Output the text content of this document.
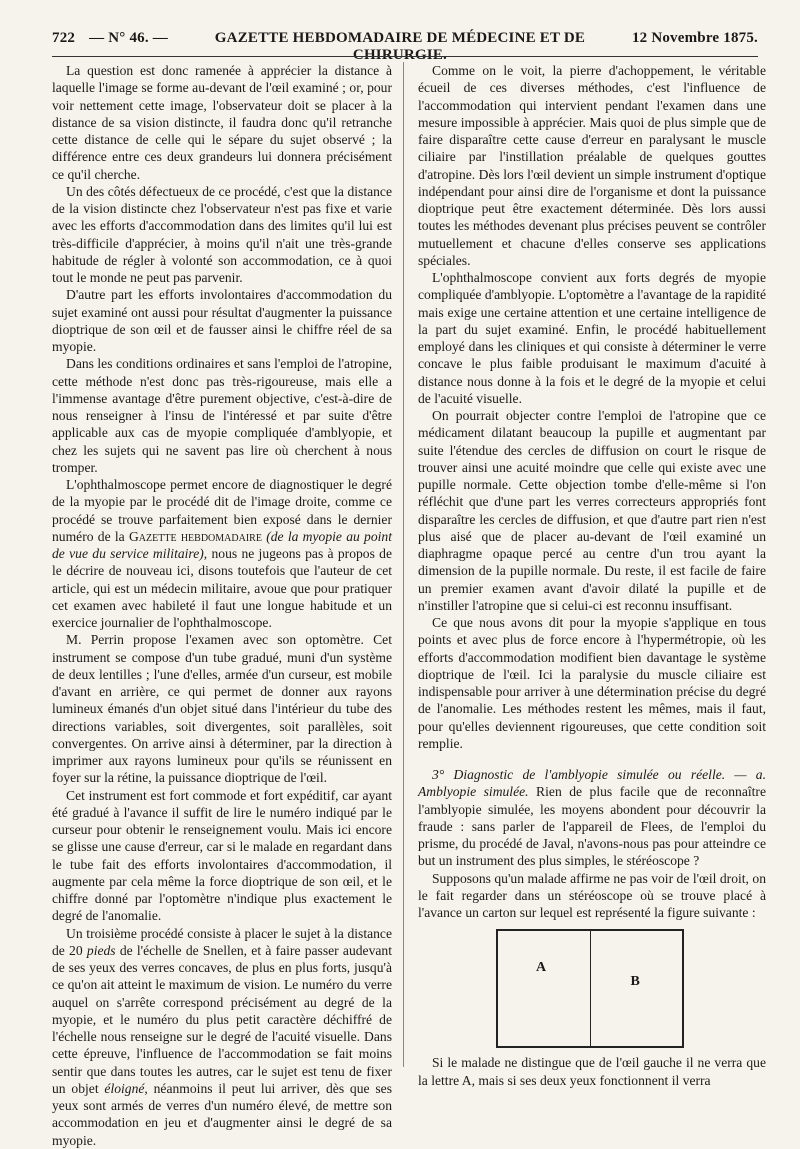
722 — N° 46. —	GAZETTE HEBDOMADAIRE DE MÉDECINE ET DE CHIRURGIE.
12 Novembre 1875.

La question est donc ramenée à apprécier la distance à laquelle l'image se forme au-devant de l'œil examiné ; or, pour voir nettement cette image, l'observateur doit se placer à la distance de sa vision distincte, il faudra donc qu'il retranche cette distance de celle qui le sépare du sujet observé ; la différence entre ces deux grandeurs lui donnera précisément ce qu'il cherche.

Un des côtés défectueux de ce procédé, c'est que la distance de la vision distincte chez l'observateur n'est pas fixe et varie avec les efforts d'accommodation dans des limites qu'il lui est très-difficile d'apprécier, à moins qu'il n'ait une très-grande habitude de régler à volonté son accommodation, ce à quoi tout le monde ne peut pas parvenir.

D'autre part les efforts involontaires d'accommodation du sujet examiné ont aussi pour résultat d'augmenter la puissance dioptrique de son œil et de fausser ainsi le chiffre réel de sa myopie.

Dans les conditions ordinaires et sans l'emploi de l'atropine, cette méthode n'est donc pas très-rigoureuse, mais elle a l'immense avantage d'être purement objective, c'est-à-dire de nous renseigner à l'insu de l'intéressé et par suite d'être applicable aux cas de myopie compliquée d'amblyopie, et chez les sujets qui ne savent pas lire où cherchent à nous tromper.

L'ophthalmoscope permet encore de diagnostiquer le degré de la myopie par le procédé dit de l'image droite, comme ce procédé se trouve parfaitement bien exposé dans le dernier numéro de la Gazette hebdomadaire (de la myopie au point de vue du service militaire), nous ne jugeons pas à propos de le décrire de nouveau ici, disons toutefois que l'auteur de cet article, qui est un médecin militaire, avoue que pour pratiquer cet examen avec habileté il faut une longue habitude et un exercice journalier de l'ophthalmoscope.

M. Perrin propose l'examen avec son optomètre. Cet instrument se compose d'un tube gradué, muni d'un système de deux lentilles ; l'une d'elles, armée d'un curseur, est mobile d'avant en arrière, ce qui permet de donner aux rayons lumineux émanés d'un objet situé dans l'intérieur du tube des directions variables, soit divergentes, soit parallèles, soit convergentes. On arrive ainsi à déterminer, par la direction à imprimer aux rayons lumineux pour qu'ils se réunissent en foyer sur la rétine, la puissance dioptrique de l'œil.

Cet instrument est fort commode et fort expéditif, car ayant été gradué à l'avance il suffit de lire le numéro indiqué par le curseur pour obtenir le renseignement voulu. Mais ici encore se glisse une cause d'erreur, car si le malade en regardant dans le tube fait des efforts involontaires d'accommodation, il augmente par cela même la force dioptrique de son œil, et le chiffre donné par l'optomètre n'indique plus exactement le degré de l'anomalie.

Un troisième procédé consiste à placer le sujet à la distance de 20 pieds de l'échelle de Snellen, et à faire passer audevant de ses yeux des verres concaves, de plus en plus forts, jusqu'à ce qu'on ait atteint le maximum de vision. Le numéro du verre auquel on s'arrête correspond précisément au degré de la myopie, et le numéro du plus petit caractère déchiffré de l'échelle nous renseigne sur le degré de l'acuité visuelle. Dans cette épreuve, l'influence de l'accommodation se fait moins sentir que dans toutes les autres, car le sujet est tenu de fixer un objet éloigné, néanmoins il peut lui arriver, dès que ses yeux sont armés de verres d'un numéro élevé, de mettre son accommodation en jeu et d'augmenter ainsi le degré de sa myopie.

Comme on le voit, la pierre d'achoppement, le véritable écueil de ces diverses méthodes, c'est l'influence de l'accommodation qui intervient pendant l'examen dans une mesure impossible à apprécier. Mais quoi de plus simple que de faire disparaître cette cause d'erreur en paralysant le muscle ciliaire par l'instillation préalable de quelques gouttes d'atropine. Dès lors l'œil devient un simple instrument d'optique indépendant pour ainsi dire de l'organisme et dont la puissance dioptrique peut être exactement déterminée. Dès lors aussi toutes les méthodes devenant plus précises peuvent se contrôler mutuellement et chacune d'elles conserve ses applications spéciales.

L'ophthalmoscope convient aux forts degrés de myopie compliquée d'amblyopie. L'optomètre a l'avantage de la rapidité mais exige une certaine attention et une certaine intelligence de la part du sujet examiné. Enfin, le procédé habituellement employé dans les cliniques et qui consiste à déterminer le verre concave le plus faible produisant le maximum d'acuité à distance nous donne à la fois et le degré de la myopie et celui de l'acuité visuelle.

On pourrait objecter contre l'emploi de l'atropine que ce médicament dilatant beaucoup la pupille et augmentant par suite l'étendue des cercles de diffusion on court le risque de trouver ainsi une acuité moindre que celle qui existe avec une pupille normale. Cette objection tombe d'elle-même si l'on réfléchit que d'une part les verres correcteurs appropriés font disparaître les cercles de diffusion, et que d'autre part rien n'est plus aisé que de placer au-devant de l'œil examiné un diaphragme opaque percé au centre d'un trou ayant la dimension de la pupille normale. Du reste, il est facile de faire un premier examen avant d'avoir dilaté la pupille et de n'instiller l'atropine que si celui-ci est reconnu insuffisant.

Ce que nous avons dit pour la myopie s'applique en tous points et avec plus de force encore à l'hypermétropie, où les efforts d'accommodation modifient bien davantage le système dioptrique de l'œil. Ici la paralysie du muscle ciliaire est indispensable pour arriver à une détermination précise du degré de l'anomalie. Les méthodes restent les mêmes, mais il faut, pour qu'elles deviennent rigoureuses, que cette condition soit remplie.

3° Diagnostic de l'amblyopie simulée ou réelle. — a. Amblyopie simulée. Rien de plus facile que de reconnaître l'amblyopie simulée, les moyens abondent pour découvrir la fraude : sans parler de l'appareil de Flees, de l'emploi du prisme, du procédé de Javal, n'avons-nous pas pour atteindre ce but un instrument des plus simples, le stéréoscope ?

Supposons qu'un malade affirme ne pas voir de l'œil droit, on le fait regarder dans un stéréoscope où se trouve placé à l'avance un carton sur lequel est représenté la figure suivante :

A
B

Si le malade ne distingue que de l'œil gauche il ne verra que la lettre A, mais si ses deux yeux fonctionnent il verra
